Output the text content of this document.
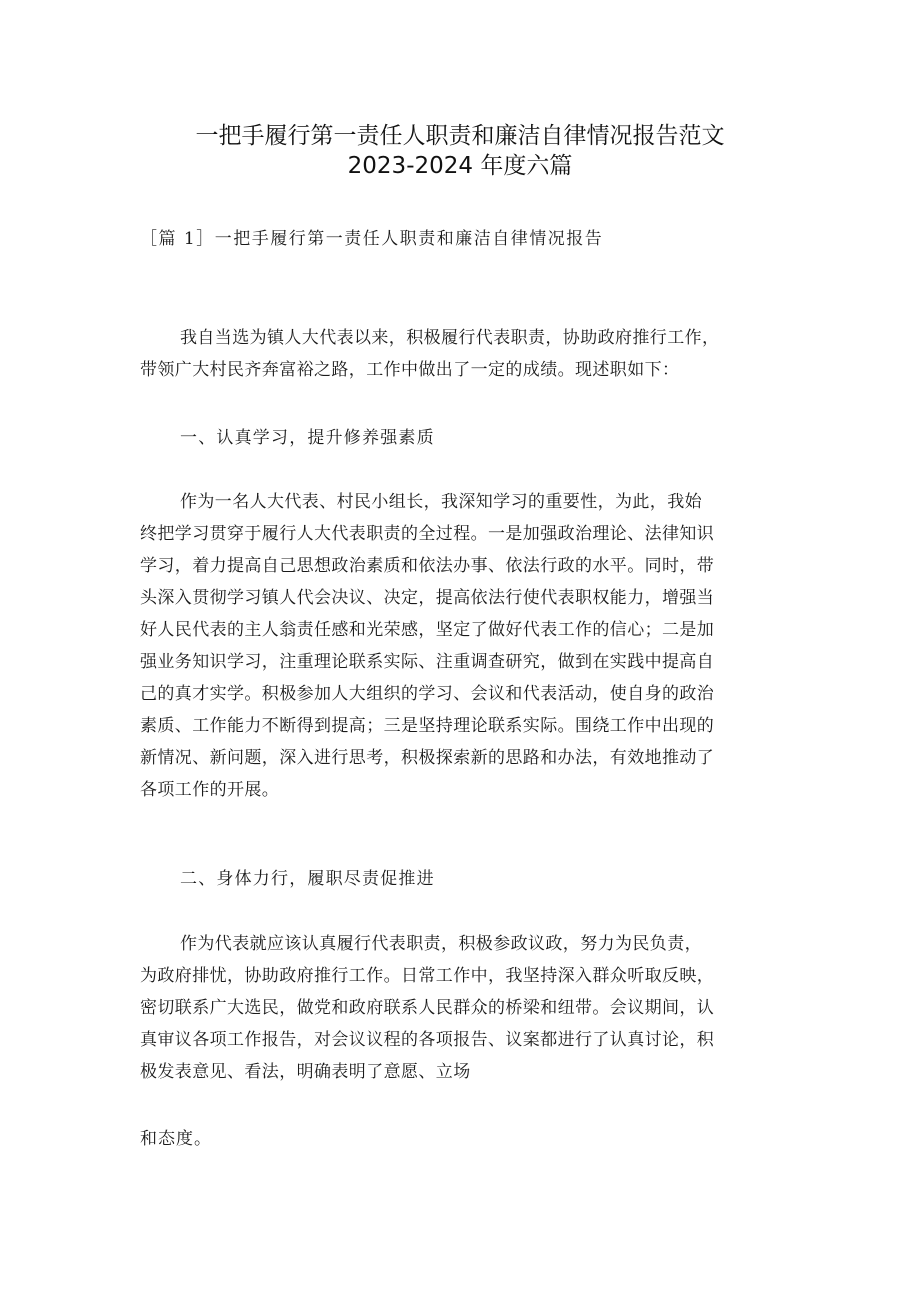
一把手履行第一责任人职责和廉洁自律情况报告范文
2023-2024 年度六篇
［篇 1］一把手履行第一责任人职责和廉洁自律情况报告
我自当选为镇人大代表以来，积极履行代表职责，协助政府推行工作，
带领广大村民齐奔富裕之路，工作中做出了一定的成绩。现述职如下：
一、认真学习，提升修养强素质
作为一名人大代表、村民小组长，我深知学习的重要性，为此，我始
终把学习贯穿于履行人大代表职责的全过程。一是加强政治理论、法律知识
学习，着力提高自己思想政治素质和依法办事、依法行政的水平。同时，带
头深入贯彻学习镇人代会决议、决定，提高依法行使代表职权能力，增强当
好人民代表的主人翁责任感和光荣感，坚定了做好代表工作的信心；二是加
强业务知识学习，注重理论联系实际、注重调查研究，做到在实践中提高自
己的真才实学。积极参加人大组织的学习、会议和代表活动，使自身的政治
素质、工作能力不断得到提高；三是坚持理论联系实际。围绕工作中出现的
新情况、新问题，深入进行思考，积极探索新的思路和办法，有效地推动了
各项工作的开展。
二、身体力行，履职尽责促推进
作为代表就应该认真履行代表职责，积极参政议政，努力为民负责，
为政府排忧，协助政府推行工作。日常工作中，我坚持深入群众听取反映，
密切联系广大选民，做党和政府联系人民群众的桥梁和纽带。会议期间，认
真审议各项工作报告，对会议议程的各项报告、议案都进行了认真讨论，积
极发表意见、看法，明确表明了意愿、立场
和态度。
